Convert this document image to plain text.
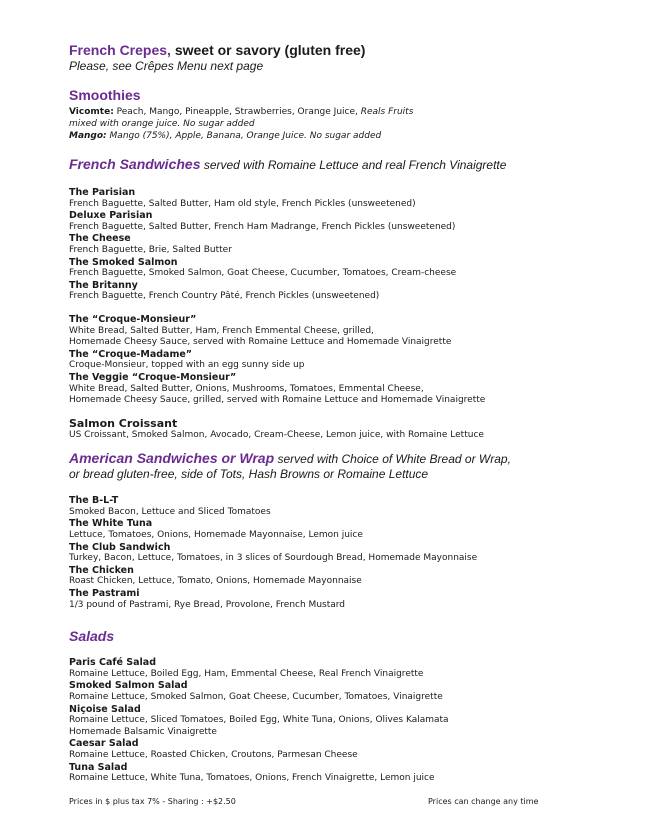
French Crepes, sweet or savory (gluten free)
Please, see Crêpes Menu next page
Smoothies
Vicomte: Peach, Mango, Pineapple, Strawberries, Orange Juice, Reals Fruits
mixed with orange juice. No sugar added
Mango: Mango (75%), Apple, Banana, Orange Juice. No sugar added
French Sandwiches served with Romaine Lettuce and real French Vinaigrette
The Parisian
French Baguette, Salted Butter, Ham old style, French Pickles (unsweetened)
Deluxe Parisian
French Baguette, Salted Butter, French Ham Madrange, French Pickles (unsweetened)
The Cheese
French Baguette, Brie, Salted Butter
The Smoked Salmon
French Baguette, Smoked Salmon, Goat Cheese, Cucumber, Tomatoes, Cream-cheese
The Britanny
French Baguette, French Country Pâté, French Pickles (unsweetened)
The “Croque-Monsieur”
White Bread, Salted Butter, Ham, French Emmental Cheese, grilled,
Homemade Cheesy Sauce, served with Romaine Lettuce and Homemade Vinaigrette
The “Croque-Madame”
Croque-Monsieur, topped with an egg sunny side up
The Veggie “Croque-Monsieur”
White Bread, Salted Butter, Onions, Mushrooms, Tomatoes, Emmental Cheese,
Homemade Cheesy Sauce, grilled, served with Romaine Lettuce and Homemade Vinaigrette
Salmon Croissant
US Croissant, Smoked Salmon, Avocado, Cream-Cheese, Lemon juice, with Romaine Lettuce
American Sandwiches or Wrap served with Choice of White Bread or Wrap,
or bread gluten-free, side of Tots, Hash Browns or Romaine Lettuce
The B-L-T
Smoked Bacon, Lettuce and Sliced Tomatoes
The White Tuna
Lettuce, Tomatoes, Onions, Homemade Mayonnaise, Lemon juice
The Club Sandwich
Turkey, Bacon, Lettuce, Tomatoes, in 3 slices of Sourdough Bread, Homemade Mayonnaise
The Chicken
Roast Chicken, Lettuce, Tomato, Onions, Homemade Mayonnaise
The Pastrami
1/3 pound of Pastrami, Rye Bread, Provolone, French Mustard
Salads
Paris Café Salad
Romaine Lettuce, Boiled Egg, Ham, Emmental Cheese, Real French Vinaigrette
Smoked Salmon Salad
Romaine Lettuce, Smoked Salmon, Goat Cheese, Cucumber, Tomatoes, Vinaigrette
Niçoise Salad
Romaine Lettuce, Sliced Tomatoes, Boiled Egg, White Tuna, Onions, Olives Kalamata
Homemade Balsamic Vinaigrette
Caesar Salad
Romaine Lettuce, Roasted Chicken, Croutons, Parmesan Cheese
Tuna Salad
Romaine Lettuce, White Tuna, Tomatoes, Onions, French Vinaigrette, Lemon juice
Prices in $ plus tax 7% - Sharing : +$2.50	Prices can change any time
